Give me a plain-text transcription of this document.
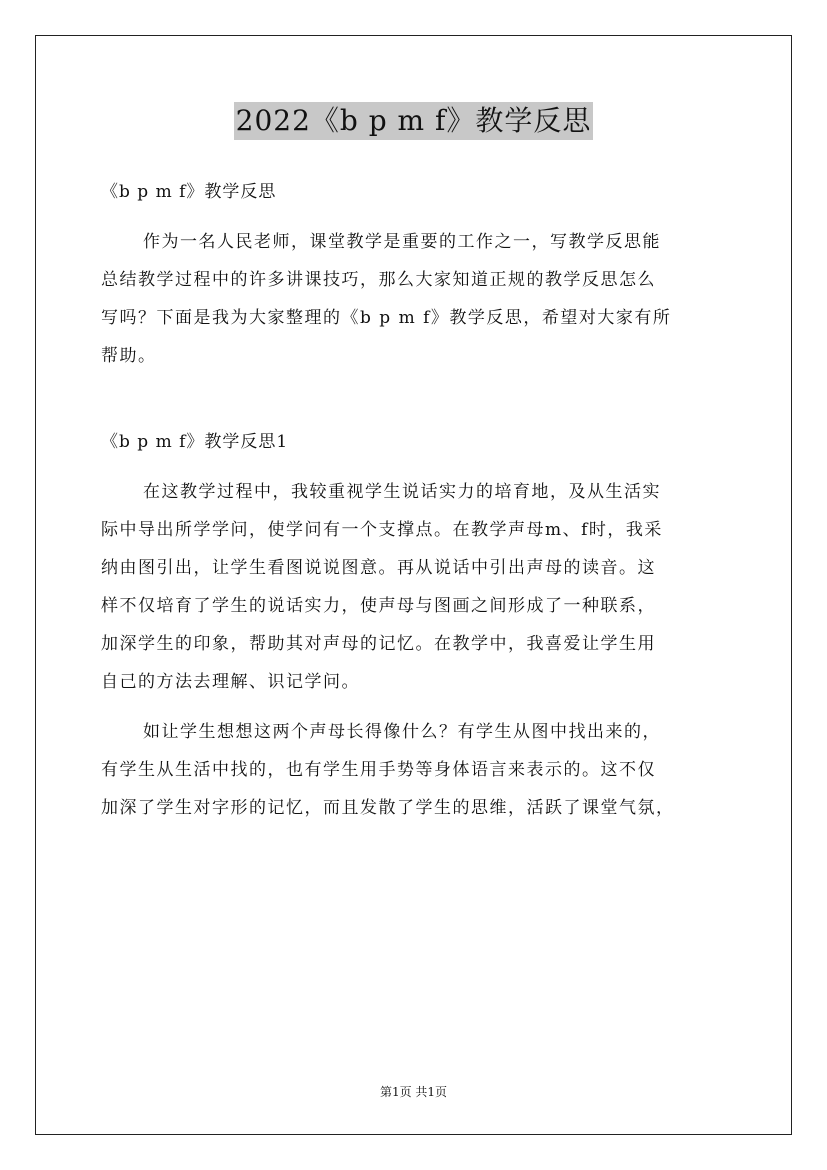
2022《b p m f》教学反思
《b p m f》教学反思
作为一名人民老师，课堂教学是重要的工作之一，写教学反思能
总结教学过程中的许多讲课技巧，那么大家知道正规的教学反思怎么
写吗？下面是我为大家整理的《b p m f》教学反思，希望对大家有所
帮助。
《b p m f》教学反思1
在这教学过程中，我较重视学生说话实力的培育地，及从生活实
际中导出所学学问，使学问有一个支撑点。在教学声母m、f时，我采
纳由图引出，让学生看图说说图意。再从说话中引出声母的读音。这
样不仅培育了学生的说话实力，使声母与图画之间形成了一种联系，
加深学生的印象，帮助其对声母的记忆。在教学中，我喜爱让学生用
自己的方法去理解、识记学问。
如让学生想想这两个声母长得像什么？有学生从图中找出来的，
有学生从生活中找的，也有学生用手势等身体语言来表示的。这不仅
加深了学生对字形的记忆，而且发散了学生的思维，活跃了课堂气氛，
第1页 共1页
